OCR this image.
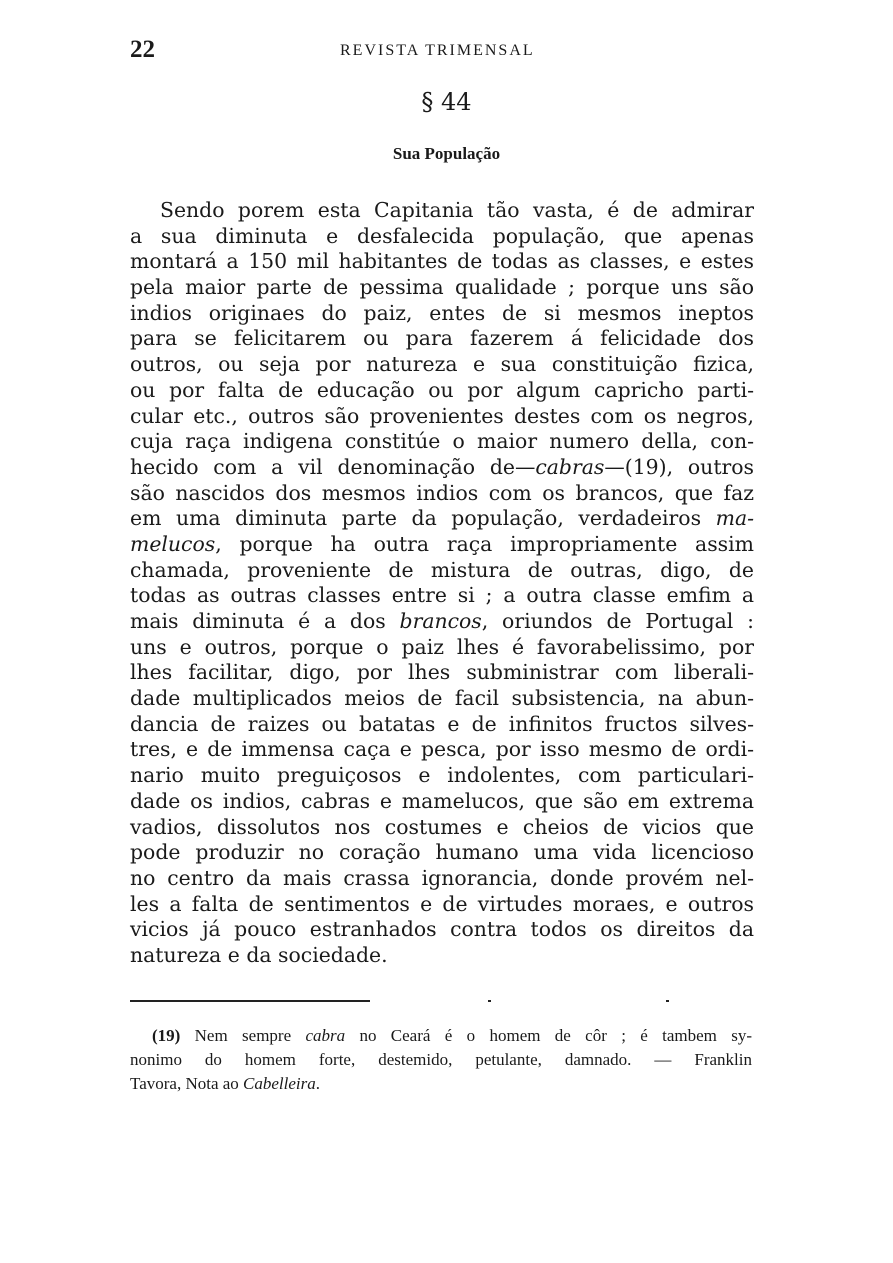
22	REVISTA TRIMENSAL
§ 44
Sua População
Sendo porem esta Capitania tão vasta, é de admirar
a sua diminuta e desfalecida população, que apenas
montará a 150 mil habitantes de todas as classes, e estes
pela maior parte de pessima qualidade ; porque uns são
indios originaes do paiz, entes de si mesmos ineptos
para se felicitarem ou para fazerem á felicidade dos
outros, ou seja por natureza e sua constituição fizica,
ou por falta de educação ou por algum capricho parti-
cular etc., outros são provenientes destes com os negros,
cuja raça indigena constitúe o maior numero della, con-
hecido com a vil denominação de—cabras—(19), outros
são nascidos dos mesmos indios com os brancos, que faz
em uma diminuta parte da população, verdadeiros ma-
melucos, porque ha outra raça impropriamente assim
chamada, proveniente de mistura de outras, digo, de
todas as outras classes entre si ; a outra classe emfim a
mais diminuta é a dos brancos, oriundos de Portugal :
uns e outros, porque o paiz lhes é favorabelissimo, por
lhes facilitar, digo, por lhes subministrar com liberali-
dade multiplicados meios de facil subsistencia, na abun-
dancia de raizes ou batatas e de infinitos fructos silves-
tres, e de immensa caça e pesca, por isso mesmo de ordi-
nario muito preguiçosos e indolentes, com particulari-
dade os indios, cabras e mamelucos, que são em extrema
vadios, dissolutos nos costumes e cheios de vicios que
pode produzir no coração humano uma vida licencioso
no centro da mais crassa ignorancia, donde provém nel-
les a falta de sentimentos e de virtudes moraes, e outros
vicios já pouco estranhados contra todos os direitos da
natureza e da sociedade.
(19) Nem sempre cabra no Ceará é o homem de côr ; é tambem sy-
nonimo do homem forte, destemido, petulante, damnado. — Franklin
Tavora, Nota ao Cabelleira.
